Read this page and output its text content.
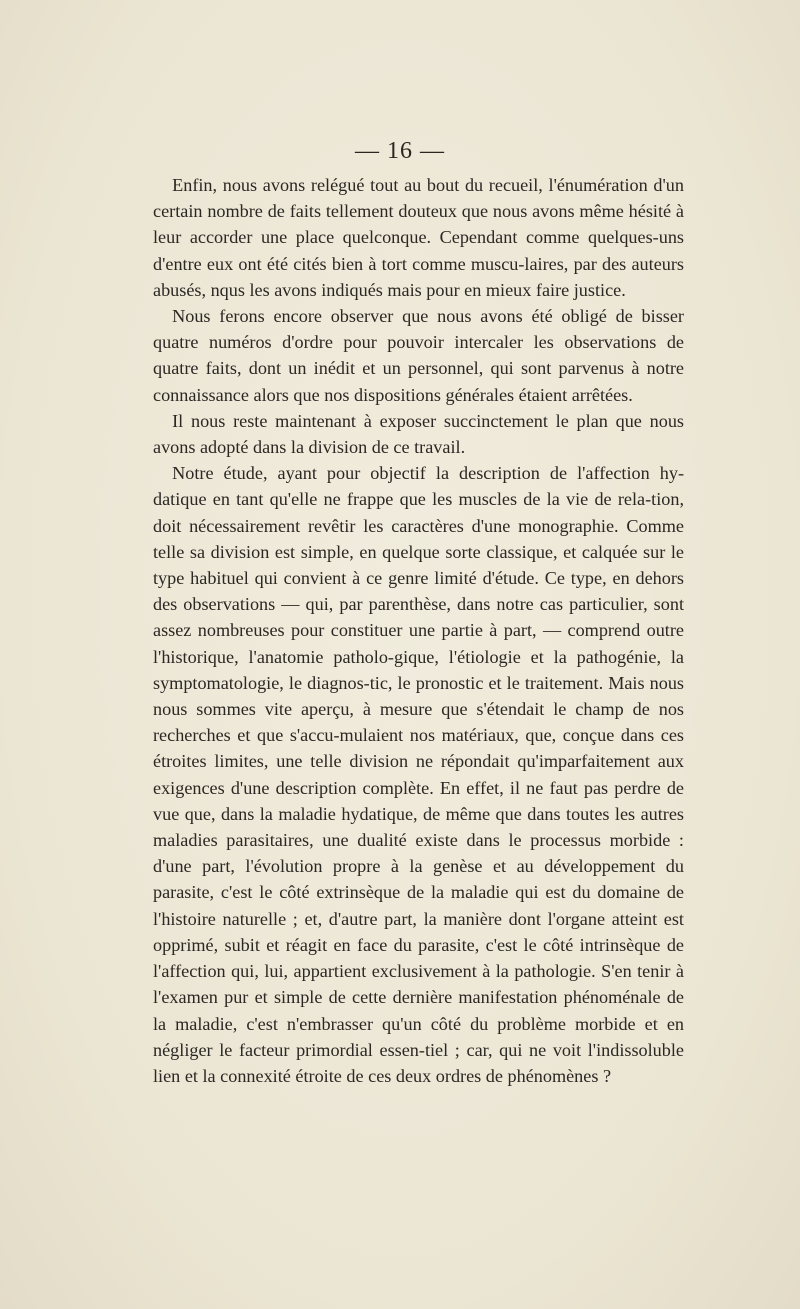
— 16 —

Enfin, nous avons relégué tout au bout du recueil, l'énumération d'un certain nombre de faits tellement douteux que nous avons même hésité à leur accorder une place quelconque. Cependant comme quelques-uns d'entre eux ont été cités bien à tort comme muscu-laires, par des auteurs abusés, nqus les avons indiqués mais pour en mieux faire justice.

Nous ferons encore observer que nous avons été obligé de bisser quatre numéros d'ordre pour pouvoir intercaler les observations de quatre faits, dont un inédit et un personnel, qui sont parvenus à notre connaissance alors que nos dispositions générales étaient arrêtées.

Il nous reste maintenant à exposer succinctement le plan que nous avons adopté dans la division de ce travail.

Notre étude, ayant pour objectif la description de l'affection hy-datique en tant qu'elle ne frappe que les muscles de la vie de rela-tion, doit nécessairement revêtir les caractères d'une monographie. Comme telle sa division est simple, en quelque sorte classique, et calquée sur le type habituel qui convient à ce genre limité d'étude. Ce type, en dehors des observations — qui, par parenthèse, dans notre cas particulier, sont assez nombreuses pour constituer une partie à part, — comprend outre l'historique, l'anatomie patholo-gique, l'étiologie et la pathogénie, la symptomatologie, le diagnos-tic, le pronostic et le traitement. Mais nous nous sommes vite aperçu, à mesure que s'étendait le champ de nos recherches et que s'accu-mulaient nos matériaux, que, conçue dans ces étroites limites, une telle division ne répondait qu'imparfaitement aux exigences d'une description complète. En effet, il ne faut pas perdre de vue que, dans la maladie hydatique, de même que dans toutes les autres maladies parasitaires, une dualité existe dans le processus morbide : d'une part, l'évolution propre à la genèse et au développement du parasite, c'est le côté extrinsèque de la maladie qui est du domaine de l'histoire naturelle ; et, d'autre part, la manière dont l'organe atteint est opprimé, subit et réagit en face du parasite, c'est le côté intrinsèque de l'affection qui, lui, appartient exclusivement à la pathologie. S'en tenir à l'examen pur et simple de cette dernière manifestation phénoménale de la maladie, c'est n'embrasser qu'un côté du problème morbide et en négliger le facteur primordial essen-tiel ; car, qui ne voit l'indissoluble lien et la connexité étroite de ces deux ordres de phénomènes ?
